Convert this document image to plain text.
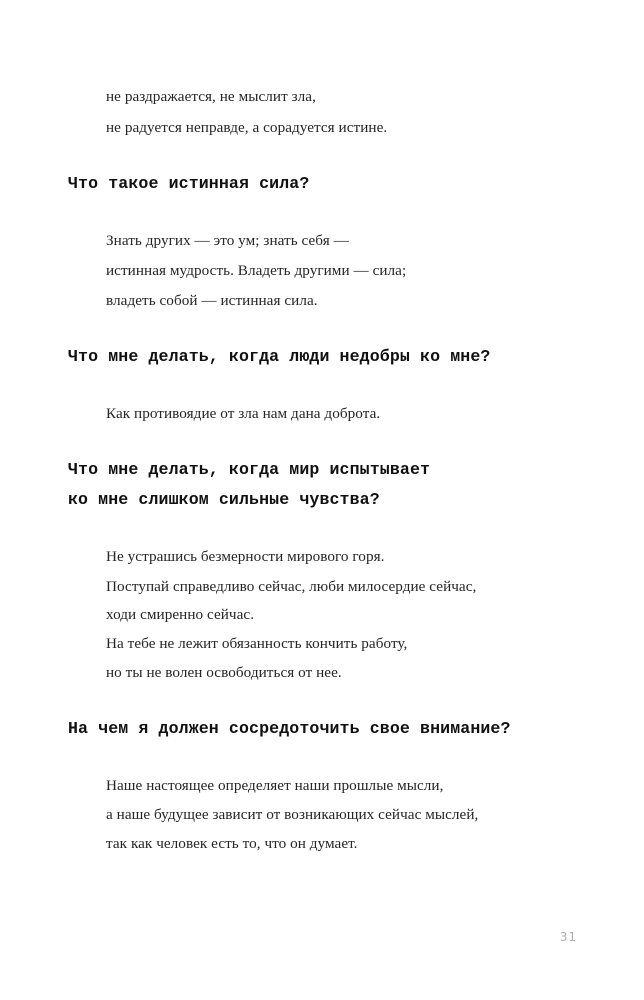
не раздражается, не мыслит зла,

не радуется неправде, а сорадуется истине.

Что такое истинная сила?

Знать других — это ум; знать себя —

истинная мудрость. Владеть другими — сила;

владеть собой — истинная сила.

Что мне делать, когда люди недобры ко мне?

Как противоядие от зла нам дана доброта.

Что мне делать, когда мир испытывает
ко мне слишком сильные чувства?

Не устрашись безмерности мирового горя.

Поступай справедливо сейчас, люби милосердие сейчас,

ходи смиренно сейчас.

На тебе не лежит обязанность кончить работу,

но ты не волен освободиться от нее.

На чем я должен сосредоточить свое внимание?

Наше настоящее определяет наши прошлые мысли,

а наше будущее зависит от возникающих сейчас мыслей,

так как человек есть то, что он думает.

31
